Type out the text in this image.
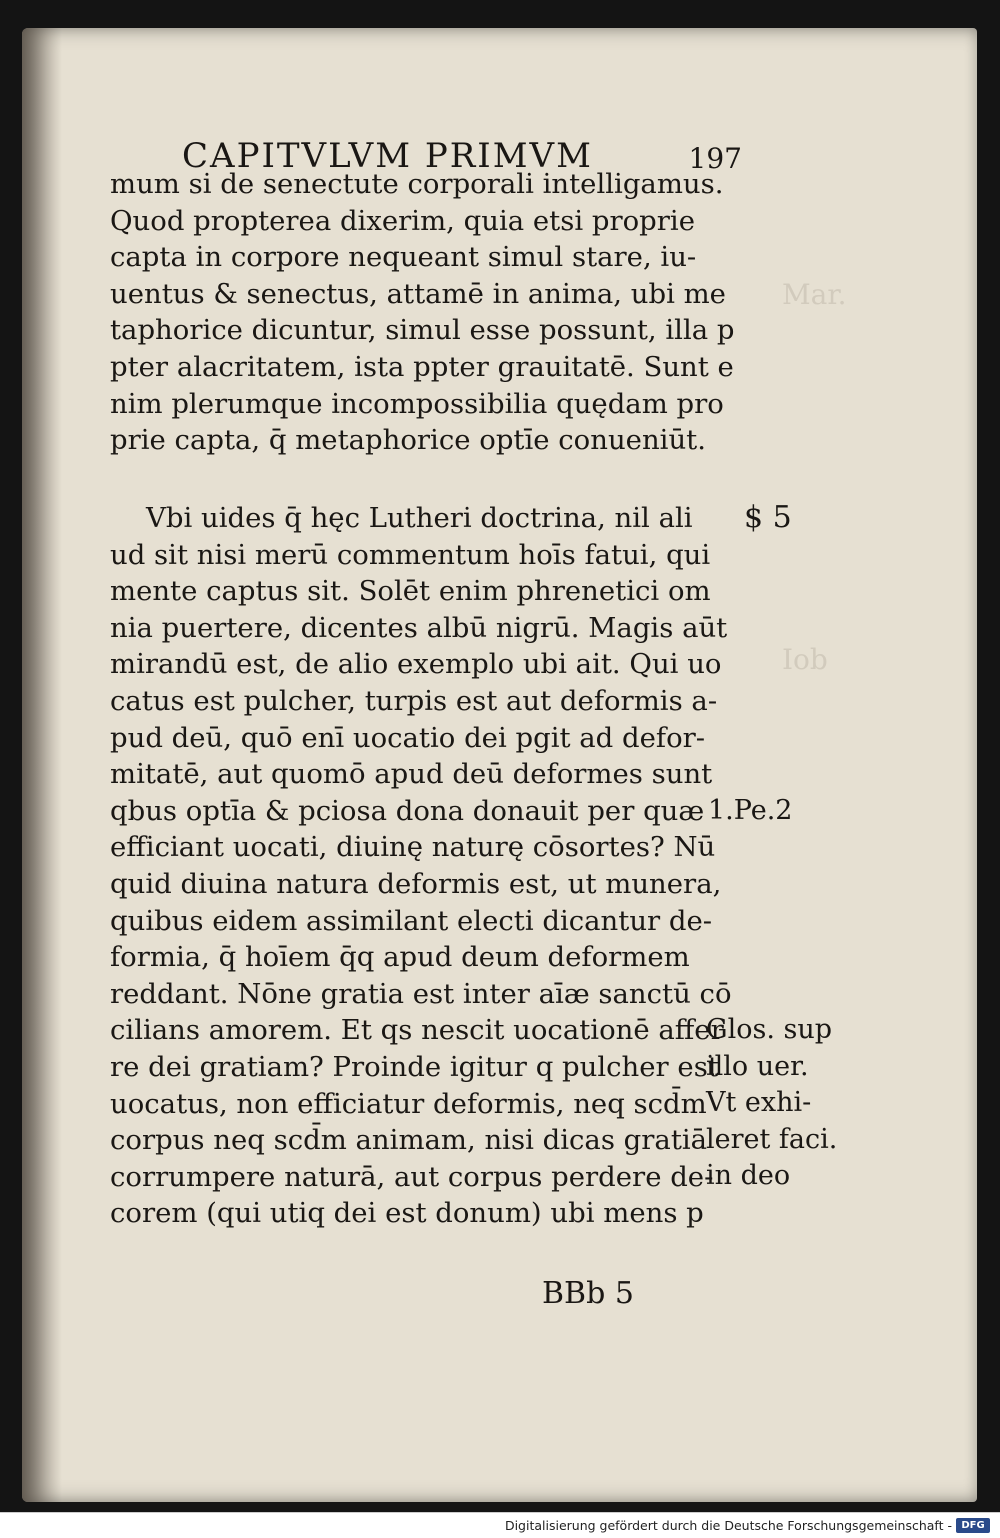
Mar.
Iob
CAPITVLVM PRIMVM	197
mum si de senectute corporali intelligamus.
Quod propterea dixerim, quia etsi proprie
capta in corpore nequeant simul stare, iu-
uentus & senectus, attamē in anima, ubi me
taphorice dicuntur, simul esse possunt, illa p
pter alacritatem, ista ppter grauitatē. Sunt e
nim plerumque incompossibilia quędam pro
prie capta, q̄ metaphorice optīe conueniūt.
Vbi uides q̄ hęc Lutheri doctrina, nil ali
ud sit nisi merū commentum hoīs fatui, qui
mente captus sit. Solēt enim phrenetici om
nia puertere, dicentes albū nigrū. Magis aūt
mirandū est, de alio exemplo ubi ait. Qui uo
catus est pulcher, turpis est aut deformis a-
pud deū, quō enī uocatio dei pgit ad defor-
mitatē, aut quomō apud deū deformes sunt
qbus optīa & pciosa dona donauit per quæ
efficiant uocati, diuinę naturę cōsortes? Nū
quid diuina natura deformis est, ut munera,
quibus eidem assimilant electi dicantur de-
formia, q̄ hoīem q̄q apud deum deformem
reddant. Nōne gratia est inter aīæ sanctū cō
cilians amorem. Et qs nescit uocationē affer
re dei gratiam? Proinde igitur q pulcher est
uocatus, non efficiatur deformis, neq scd̄m
corpus neq scd̄m animam, nisi dicas gratiā
corrumpere naturā, aut corpus perdere de-
corem (qui utiq dei est donum) ubi mens p
$ 5
1.Pe.2
Glos. sup
illo uer.
Vt exhi-
leret faci.
in deo
BBb 5
Digitalisierung gefördert durch die Deutsche Forschungsgemeinschaft - DFG
